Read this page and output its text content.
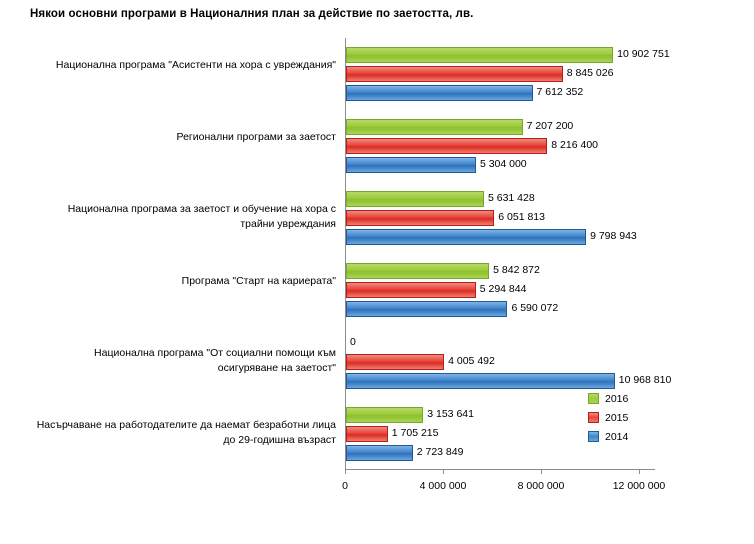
Някои основни програми в Националния план за действие по заетостта, лв.
0	4 000 000	8 000 000	12 000 000
Национална програма "Асистенти на хора с увреждания"
10 902 751
8 845 026
7 612 352
Регионални програми за заетост
7 207 200
8 216 400
5 304 000
Национална програма за заетост и обучение на хора с трайни увреждания
5 631 428
6 051 813
9 798 943
Програма "Старт на кариерата"
5 842 872
5 294 844
6 590 072
Национална програма "От социални помощи към осигуряване на заетост"
0
4 005 492
10 968 810
Насърчаване на работодателите да наемат безработни лица до 29-годишна възраст
3 153 641
1 705 215
2 723 849
2016
2015
2014
